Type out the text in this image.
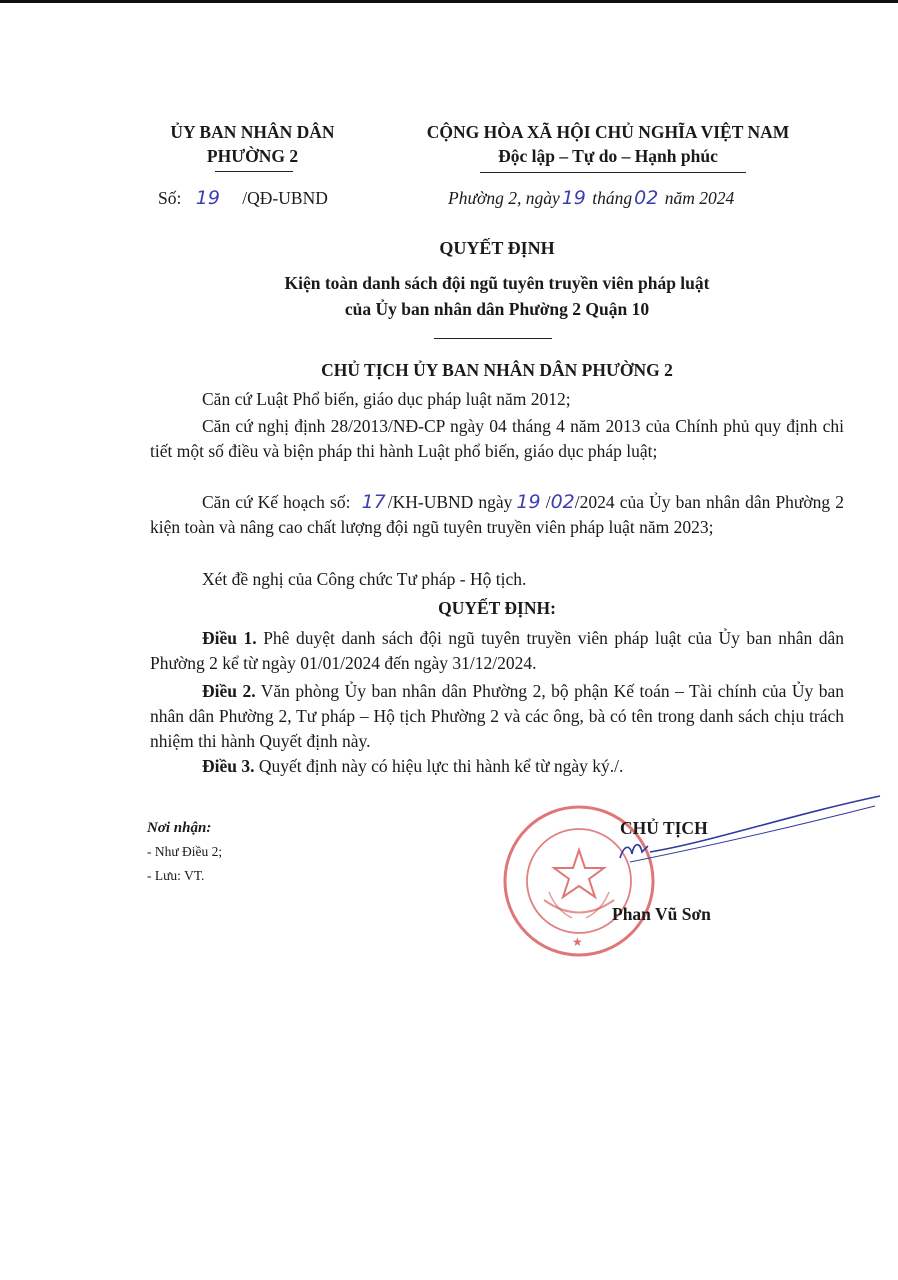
ỦY BAN NHÂN DÂN
PHƯỜNG 2
Số: 19 /QĐ-UBND
CỘNG HÒA XÃ HỘI CHỦ NGHĨA VIỆT NAM
Độc lập – Tự do – Hạnh phúc
Phường 2, ngày 19 tháng 02 năm 2024
QUYẾT ĐỊNH
Kiện toàn danh sách đội ngũ tuyên truyền viên pháp luật
của Ủy ban nhân dân Phường 2 Quận 10
CHỦ TỊCH ỦY BAN NHÂN DÂN PHƯỜNG 2
Căn cứ Luật Phổ biến, giáo dục pháp luật năm 2012;
Căn cứ nghị định 28/2013/NĐ-CP ngày 04 tháng 4 năm 2013 của Chính phủ quy định chi tiết một số điều và biện pháp thi hành Luật phổ biến, giáo dục pháp luật;
Căn cứ Kế hoạch số: 17 /KH-UBND ngày 19 /02/2024 của Ủy ban nhân dân Phường 2 kiện toàn và nâng cao chất lượng đội ngũ tuyên truyền viên pháp luật năm 2023;
Xét đề nghị của Công chức Tư pháp - Hộ tịch.
QUYẾT ĐỊNH:
Điều 1. Phê duyệt danh sách đội ngũ tuyên truyền viên pháp luật của Ủy ban nhân dân Phường 2 kể từ ngày 01/01/2024 đến ngày 31/12/2024.
Điều 2. Văn phòng Ủy ban nhân dân Phường 2, bộ phận Kế toán – Tài chính của Ủy ban nhân dân Phường 2, Tư pháp – Hộ tịch Phường 2 và các ông, bà có tên trong danh sách chịu trách nhiệm thi hành Quyết định này.
Điều 3. Quyết định này có hiệu lực thi hành kể từ ngày ký./.
Nơi nhận:
- Như Điều 2;
- Lưu: VT.
★
CHỦ TỊCH
Phan Vũ Sơn
